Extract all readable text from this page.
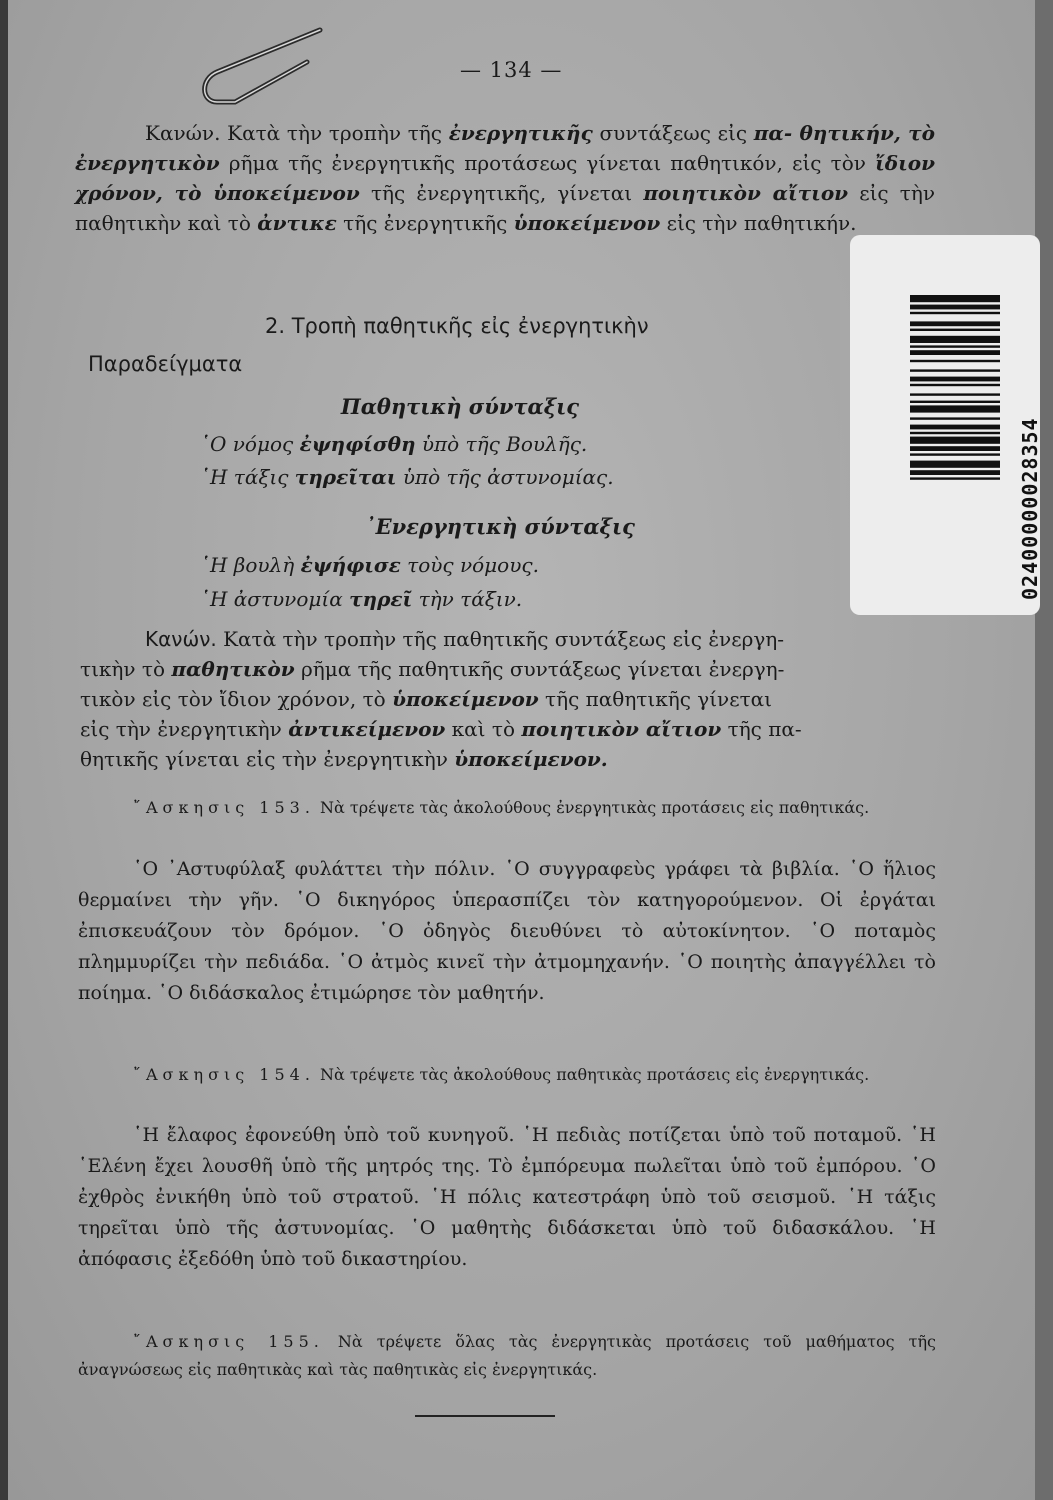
— 134 —
Κανών. Κατὰ τὴν τροπὴν τῆς ἐνεργητικῆς συντάξεως εἰς πα- θητικήν, τὸ ἐνεργητικὸν ρῆμα τῆς ἐνεργητικῆς προτάσεως γίνεται παθητικόν, εἰς τὸν ἴδιον χρόνον, τὸ ὑποκείμενον τῆς ἐνεργητικῆς, γίνεται ποιητικὸν αἴτιον εἰς τὴν παθητικὴν καὶ τὸ ἀντικε τῆς ἐνεργητικῆς ὑποκείμενον εἰς τὴν παθητικήν.
2. Τροπὴ παθητικῆς εἰς ἐνεργητικὴν
Παραδείγματα
Παθητικὴ σύνταξις
῾Ο νόμος ἐψηφίσθη ὑπὸ τῆς Βουλῆς.
῾Η τάξις τηρεῖται ὑπὸ τῆς ἀστυνομίας.
᾿Ενεργητικὴ σύνταξις
῾Η βουλὴ ἐψήφισε τοὺς νόμους.
῾Η ἀστυνομία τηρεῖ τὴν τάξιν.
Κανών. Κατὰ τὴν τροπὴν τῆς παθητικῆς συντάξεως εἰς ἐνεργη-
τικὴν τὸ παθητικὸν ρῆμα τῆς παθητικῆς συντάξεως γίνεται ἐνεργη-
τικὸν εἰς τὸν ἴδιον χρόνον, τὸ ὑποκείμενον τῆς παθητικῆς γίνεται
εἰς τὴν ἐνεργητικὴν ἀντικείμενον καὶ τὸ ποιητικὸν αἴτιον τῆς πα-
θητικῆς γίνεται εἰς τὴν ἐνεργητικὴν ὑποκείμενον.
῎Ασκησις 153. Νὰ τρέψετε τὰς ἀκολούθους ἐνεργητικὰς προτάσεις εἰς παθητικάς.
῾Ο ᾿Αστυφύλαξ φυλάττει τὴν πόλιν. ῾Ο συγγραφεὺς γράφει τὰ βιβλία. ῾Ο ἥλιος θερμαίνει τὴν γῆν. ῾Ο δικηγόρος ὑπερασπίζει τὸν κατηγορούμενον. Οἱ ἐργάται ἐπισκευάζουν τὸν δρόμον. ῾Ο ὁδηγὸς διευθύνει τὸ αὐτοκίνητον. ῾Ο ποταμὸς πλημμυρίζει τὴν πεδιάδα. ῾Ο ἀτμὸς κινεῖ τὴν ἀτμομηχανήν. ῾Ο ποιητὴς ἀπαγγέλλει τὸ ποίημα. ῾Ο διδάσκαλος ἐτιμώρησε τὸν μαθητήν.
῎Ασκησις 154. Νὰ τρέψετε τὰς ἀκολούθους παθητικὰς προτάσεις εἰς ἐνεργητικάς.
῾Η ἔλαφος ἐφονεύθη ὑπὸ τοῦ κυνηγοῦ. ῾Η πεδιὰς ποτίζεται ὑπὸ τοῦ ποταμοῦ. ῾Η ῾Ελένη ἔχει λουσθῆ ὑπὸ τῆς μητρός της. Τὸ ἐμπόρευμα πωλεῖται ὑπὸ τοῦ ἐμπόρου. ῾Ο ἐχθρὸς ἐνικήθη ὑπὸ τοῦ στρατοῦ. ῾Η πόλις κατεστράφη ὑπὸ τοῦ σεισμοῦ. ῾Η τάξις τηρεῖται ὑπὸ τῆς ἀστυνομίας. ῾Ο μαθητὴς διδάσκεται ὑπὸ τοῦ διδασκάλου. ῾Η ἀπόφασις ἐξεδόθη ὑπὸ τοῦ δικαστηρίου.
῎Ασκησις 155. Νὰ τρέψετε ὅλας τὰς ἐνεργητικὰς προτάσεις τοῦ μαθήματος τῆς ἀναγνώσεως εἰς παθητικὰς καὶ τὰς παθητικὰς εἰς ἐνεργητικάς.
02400000028354
